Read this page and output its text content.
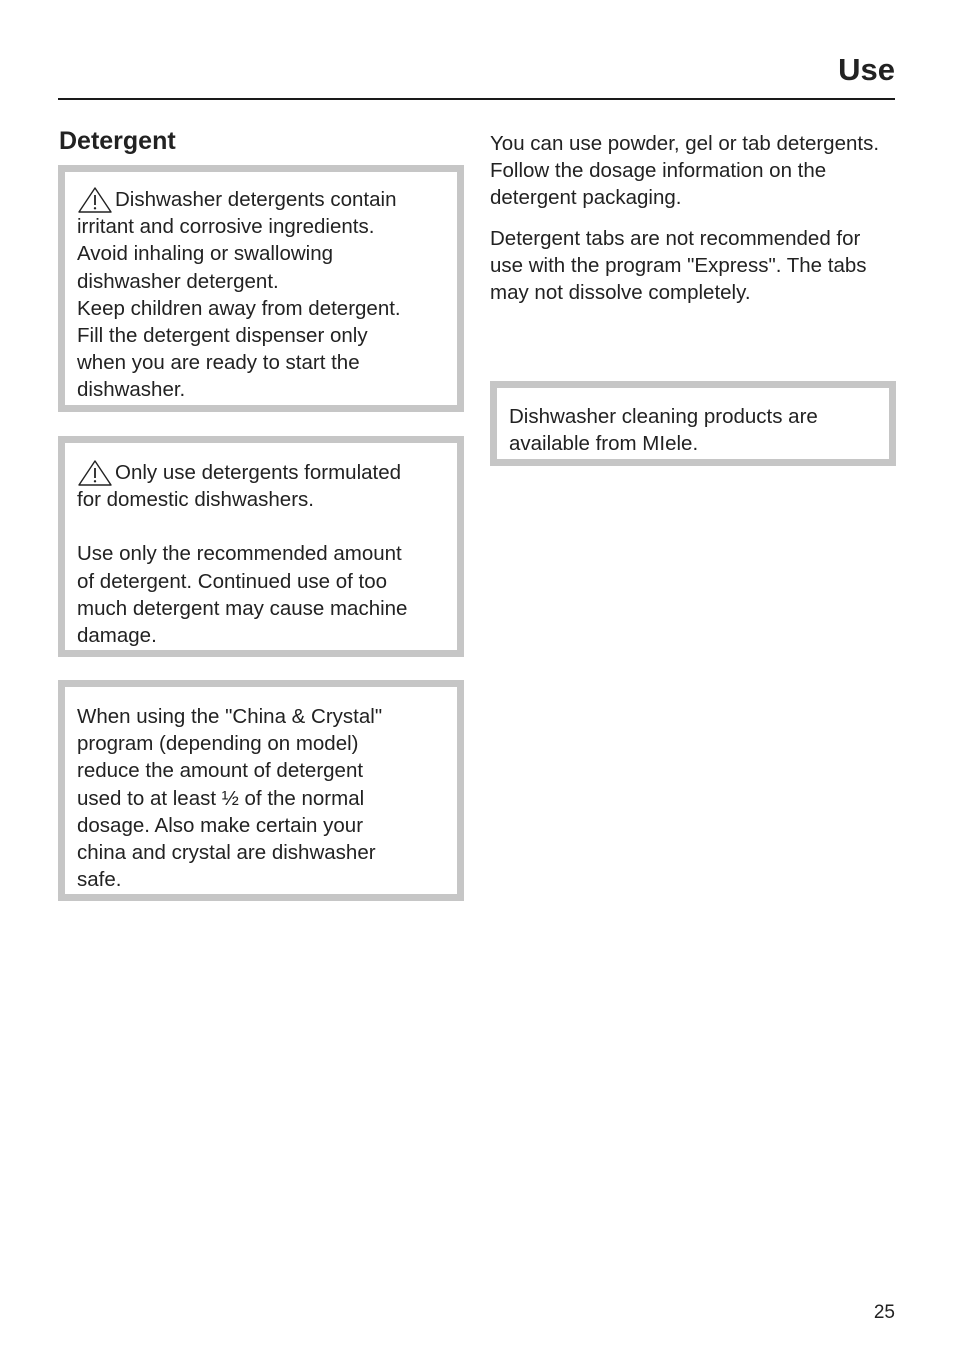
Use
Detergent

Dishwasher detergents contain
irritant and corrosive ingredients.
Avoid inhaling or swallowing
dishwasher detergent.
Keep children away from detergent.
Fill the detergent dispenser only
when you are ready to start the
dishwasher.

Only use detergents formulated
for domestic dishwashers.

Use only the recommended amount
of detergent. Continued use of too
much detergent may cause machine
damage.

When using the "China & Crystal"
program (depending on model)
reduce the amount of detergent
used to at least ½ of the normal
dosage. Also make certain your
china and crystal are dishwasher
safe.

You can use powder, gel or tab detergents. Follow the dosage information on the detergent packaging.

Detergent tabs are not recommended for use with the program "Express". The tabs may not dissolve completely.

Dishwasher cleaning products are
available from MIele.

25
